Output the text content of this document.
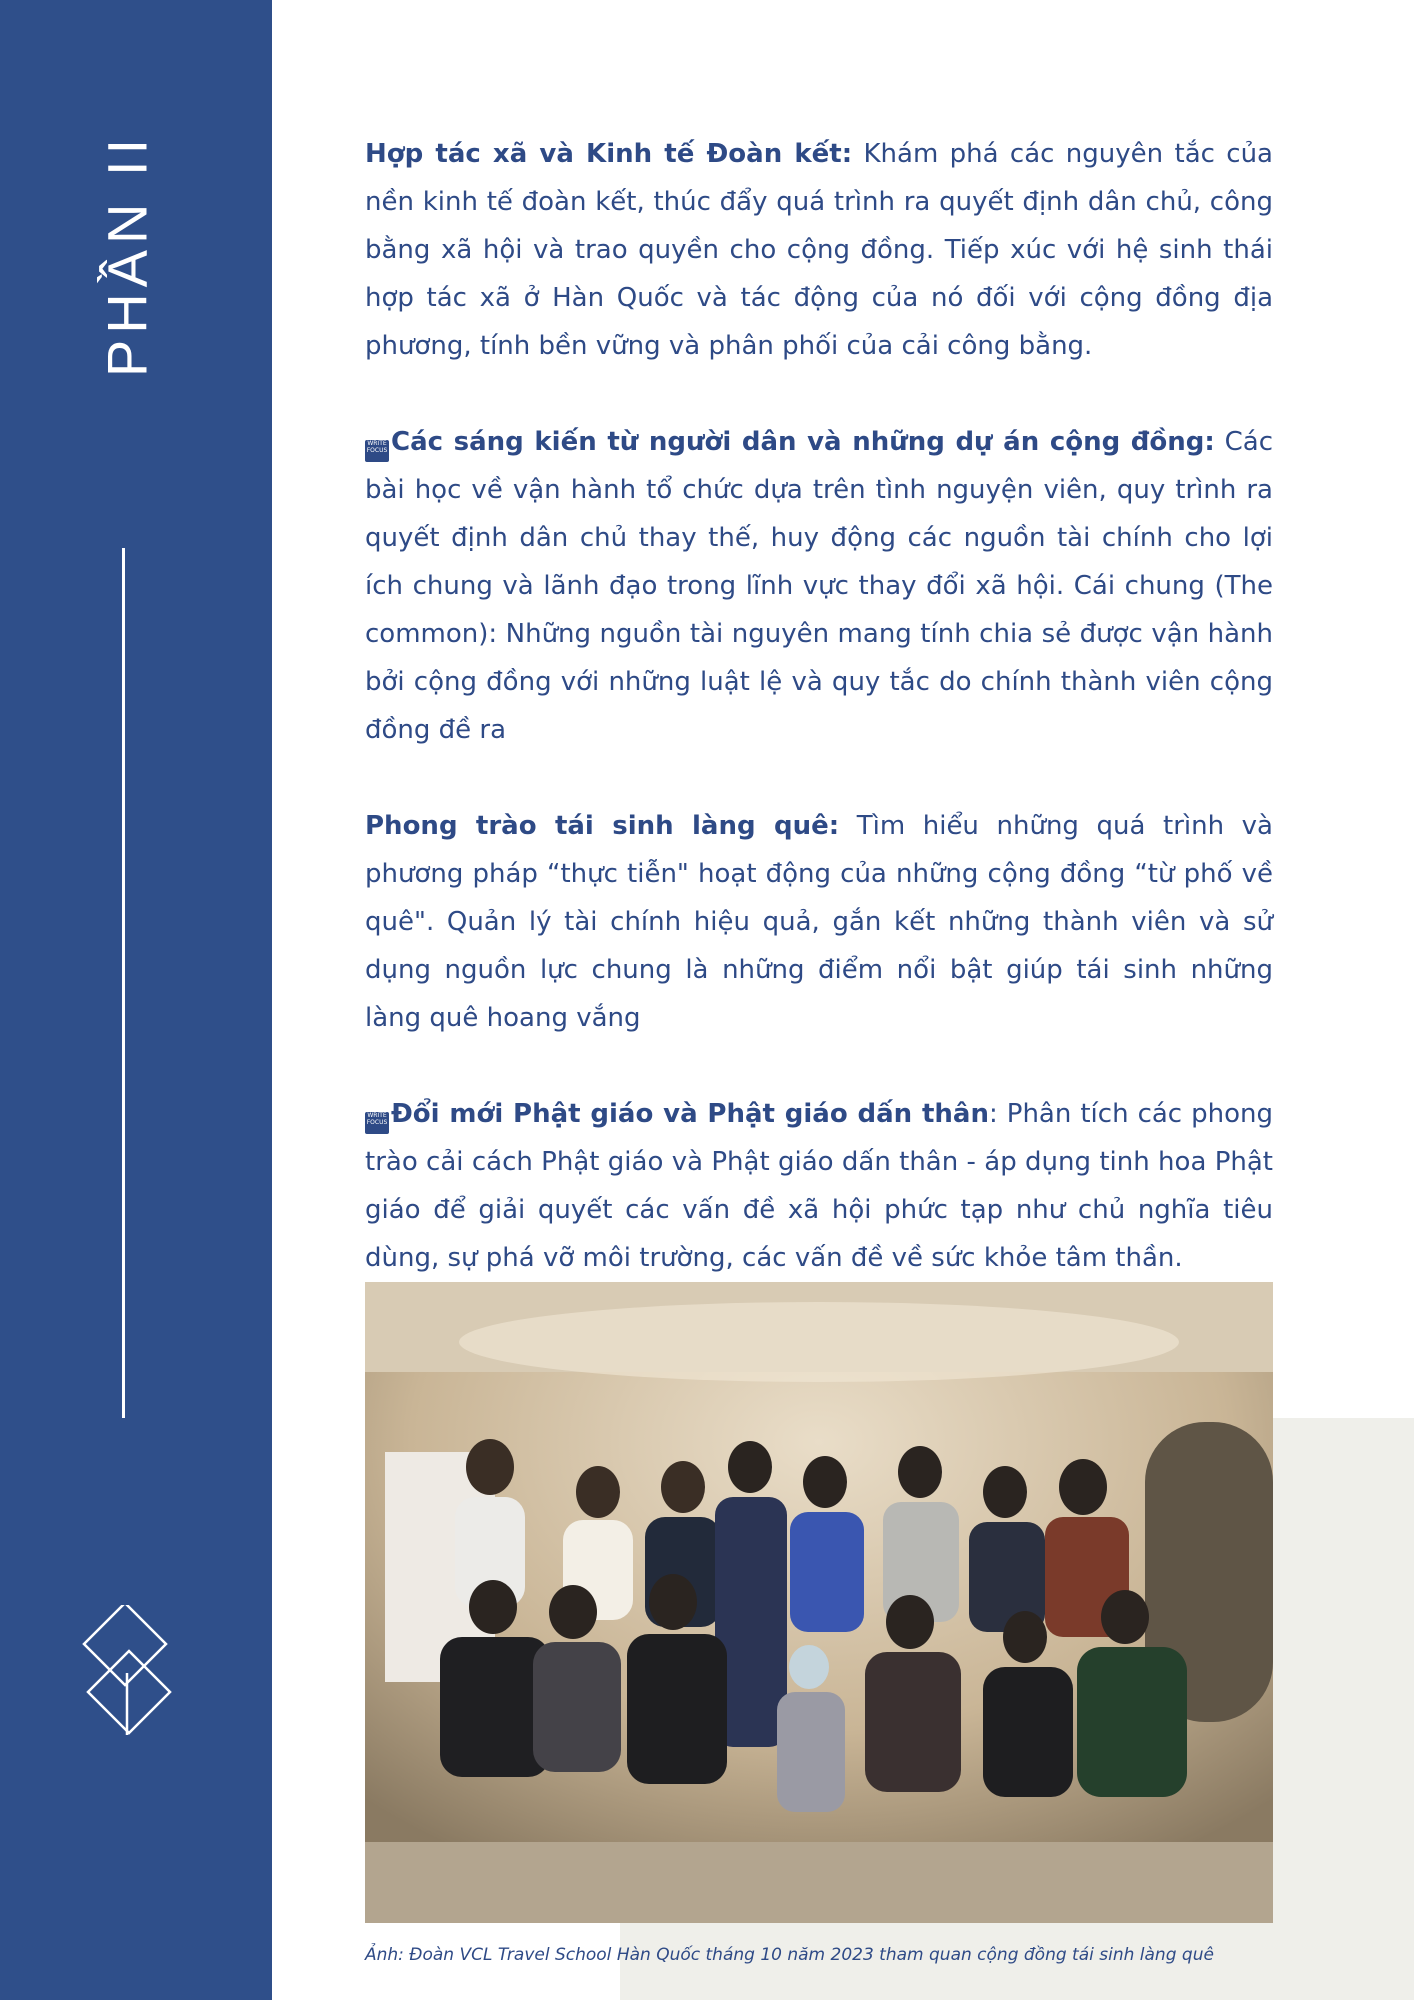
PHẦN II	Hợp tác xã và Kinh tế Đoàn kết: Khám phá các nguyên tắc của nền kinh tế đoàn kết, thúc đẩy quá trình ra quyết định dân chủ, công bằng xã hội và trao quyền cho cộng đồng. Tiếp xúc với hệ sinh thái hợp tác xã ở Hàn Quốc và tác động của nó đối với cộng đồng địa phương, tính bền vững và phân phối của cải công bằng.

WRITE FOCUS Các sáng kiến từ người dân và những dự án cộng đồng: Các bài học về vận hành tổ chức dựa trên tình nguyện viên, quy trình ra quyết định dân chủ thay thế, huy động các nguồn tài chính cho lợi ích chung và lãnh đạo trong lĩnh vực thay đổi xã hội. Cái chung (The common): Những nguồn tài nguyên mang tính chia sẻ được vận hành bởi cộng đồng với những luật lệ và quy tắc do chính thành viên cộng đồng đề ra

Phong trào tái sinh làng quê: Tìm hiểu những quá trình và phương pháp “thực tiễn" hoạt động của những cộng đồng “từ phố về quê". Quản lý tài chính hiệu quả, gắn kết những thành viên và sử dụng nguồn lực chung là những điểm nổi bật giúp tái sinh những làng quê hoang vắng

WRITE FOCUS Đổi mới Phật giáo và Phật giáo dấn thân: Phân tích các phong trào cải cách Phật giáo và Phật giáo dấn thân - áp dụng tinh hoa Phật giáo để giải quyết các vấn đề xã hội phức tạp như chủ nghĩa tiêu dùng, sự phá vỡ môi trường, các vấn đề về sức khỏe tâm thần.

Ảnh: Đoàn VCL Travel School Hàn Quốc tháng 10 năm 2023 tham quan cộng đồng tái sinh làng quê
